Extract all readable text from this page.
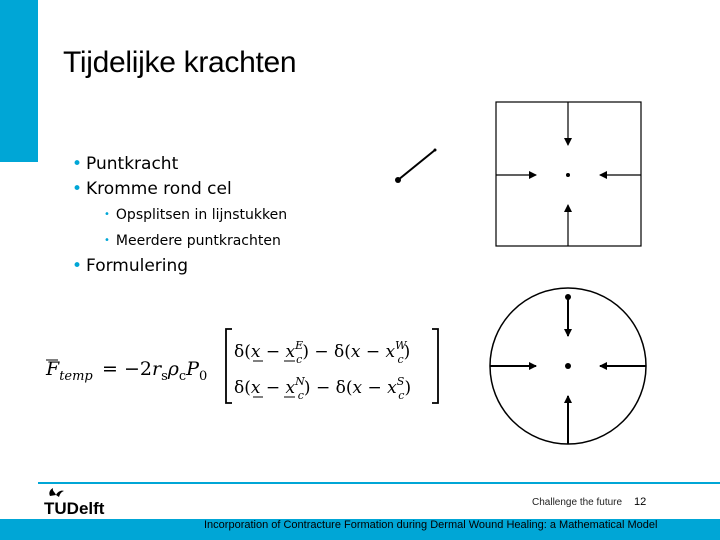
Tijdelijke krachten
• Puntkracht
• Kromme rond cel
• Opsplitsen in lijnstukken
• Meerdere puntkrachten
• Formulering
$F_{temp} = -2r_s\rho_cP_0$
$\delta(x - x^E$ $c) - \delta(x - x^W$ c)
$\delta(x - x^N$ $c) - \delta(x - x^S$ c)
TUDelft	Challenge the future 12
Incorporation of Contracture Formation during Dermal Wound Healing: a Mathematical Model
